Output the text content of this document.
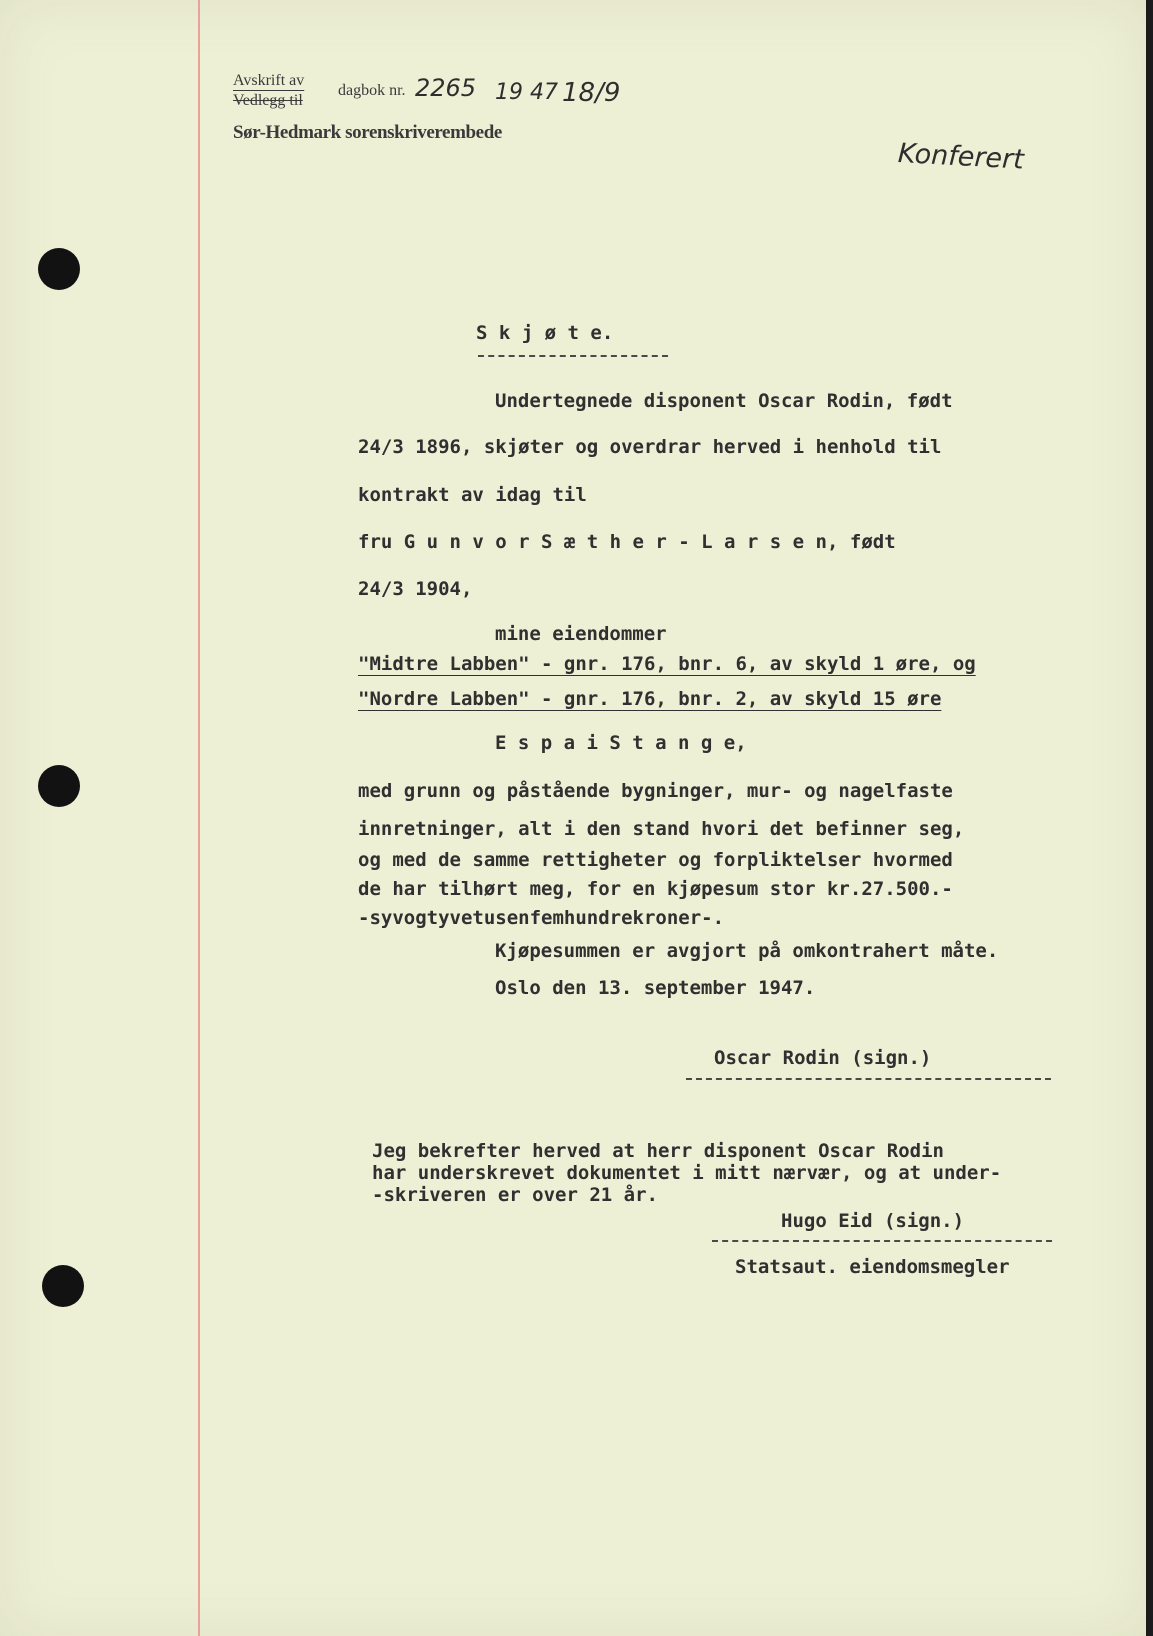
Avskrift av
Vedlegg til
dagbok nr. 2265 19 47 18/9
Sør-Hedmark sorenskriverembede
Konferert
S k j ø t e.
Undertegnede disponent Oscar Rodin, født
24/3 1896, skjøter og overdrar herved i henhold til
kontrakt av idag til
fru G u n v o r S æ t h e r - L a r s e n, født
24/3 1904,
mine eiendommer
"Midtre Labben" - gnr. 176, bnr. 6, av skyld 1 øre, og
"Nordre Labben" - gnr. 176, bnr. 2, av skyld 15 øre
E s p a i S t a n g e,
med grunn og påstående bygninger, mur- og nagelfaste
innretninger, alt i den stand hvori det befinner seg,
og med de samme rettigheter og forpliktelser hvormed
de har tilhørt meg, for en kjøpesum stor kr.27.500.-
-syvogtyvetusenfemhundrekroner-.
Kjøpesummen er avgjort på omkontrahert måte.
Oslo den 13. september 1947.
Oscar Rodin (sign.)
Jeg bekrefter herved at herr disponent Oscar Rodin
har underskrevet dokumentet i mitt nærvær, og at under-
-skriveren er over 21 år.
Hugo Eid (sign.)
Statsaut. eiendomsmegler
